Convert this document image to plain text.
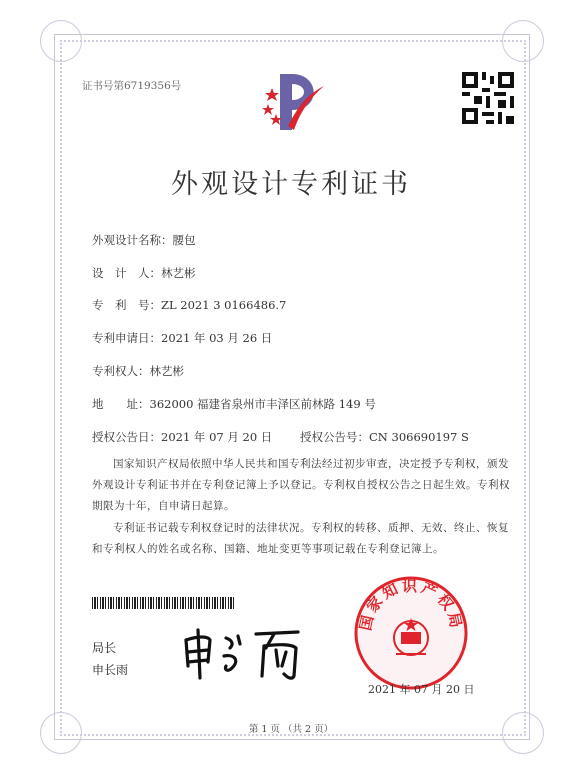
证书号第6719356号
外观设计专利证书
外观设计名称：腰包
设　计　人：林艺彬
专　利　号：ZL 2021 3 0166486.7
专利申请日：2021 年 03 月 26 日
专利权人：林艺彬
地　　址：362000 福建省泉州市丰泽区前林路 149 号
授权公告日：2021 年 07 月 20 日 授权公告号：CN 306690197 S
国家知识产权局依照中华人民共和国专利法经过初步审查，决定授予专利权，颁发外观设计专利证书并在专利登记簿上予以登记。专利权自授权公告之日起生效。专利权期限为十年，自申请日起算。
专利证书记载专利权登记时的法律状况。专利权的转移、质押、无效、终止、恢复和专利权人的姓名或名称、国籍、地址变更等事项记载在专利登记簿上。
局长
申长雨
国家知识产权局
2021 年 07 月 20 日
第 1 页 （共 2 页）
